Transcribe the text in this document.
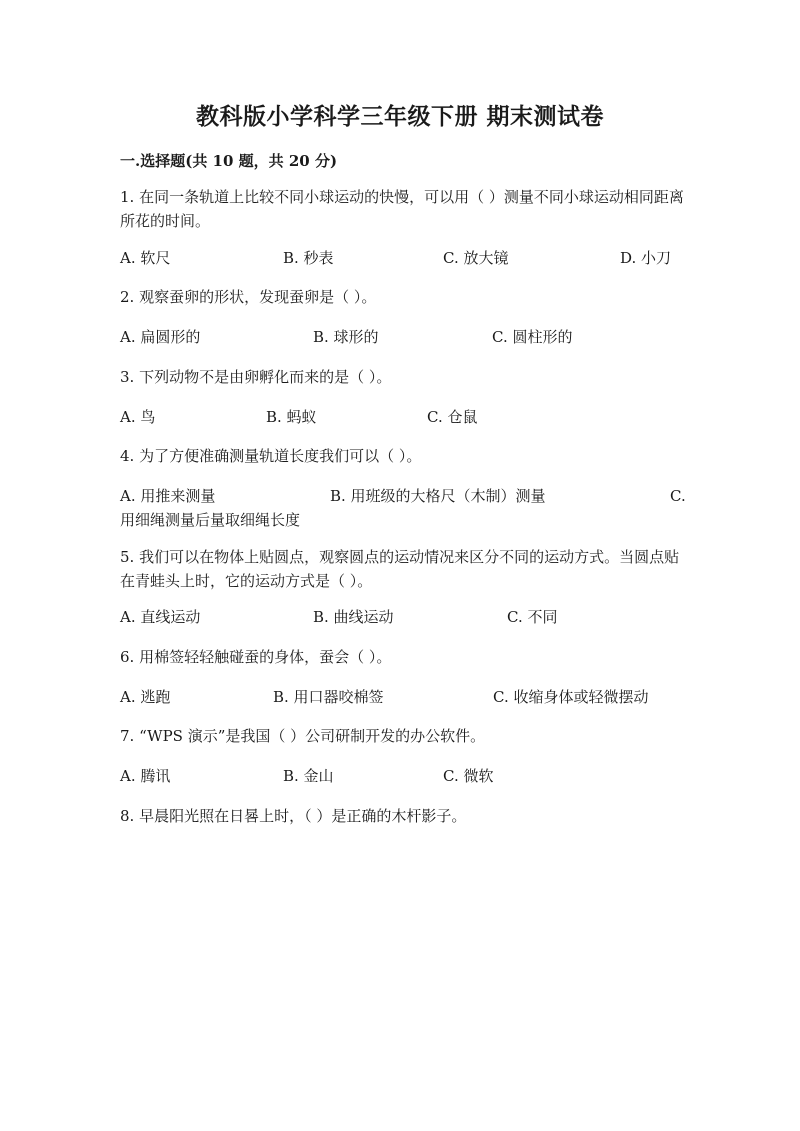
教科版小学科学三年级下册 期末测试卷
一.选择题(共 10 题，共 20 分)
1. 在同一条轨道上比较不同小球运动的快慢，可以用（ ）测量不同小球运动相同距离所花的时间。
A. 软尺	B. 秒表	C. 放大镜	D. 小刀
2. 观察蚕卵的形状，发现蚕卵是（ ）。
A. 扁圆形的	B. 球形的	C. 圆柱形的
3. 下列动物不是由卵孵化而来的是（ ）。
A. 鸟	B. 蚂蚁	C. 仓鼠
4. 为了方便准确测量轨道长度我们可以（ ）。
A. 用推来测量	B. 用班级的大格尺（木制）测量	C. 用细绳测量后量取细绳长度
5. 我们可以在物体上贴圆点，观察圆点的运动情况来区分不同的运动方式。当圆点贴在青蛙头上时，它的运动方式是（ ）。
A. 直线运动	B. 曲线运动	C. 不同
6. 用棉签轻轻触碰蚕的身体，蚕会（ ）。
A. 逃跑	B. 用口器咬棉签	C. 收缩身体或轻微摆动
7. “WPS 演示”是我国（ ）公司研制开发的办公软件。
A. 腾讯	B. 金山	C. 微软
8. 早晨阳光照在日晷上时，（ ）是正确的木杆影子。
